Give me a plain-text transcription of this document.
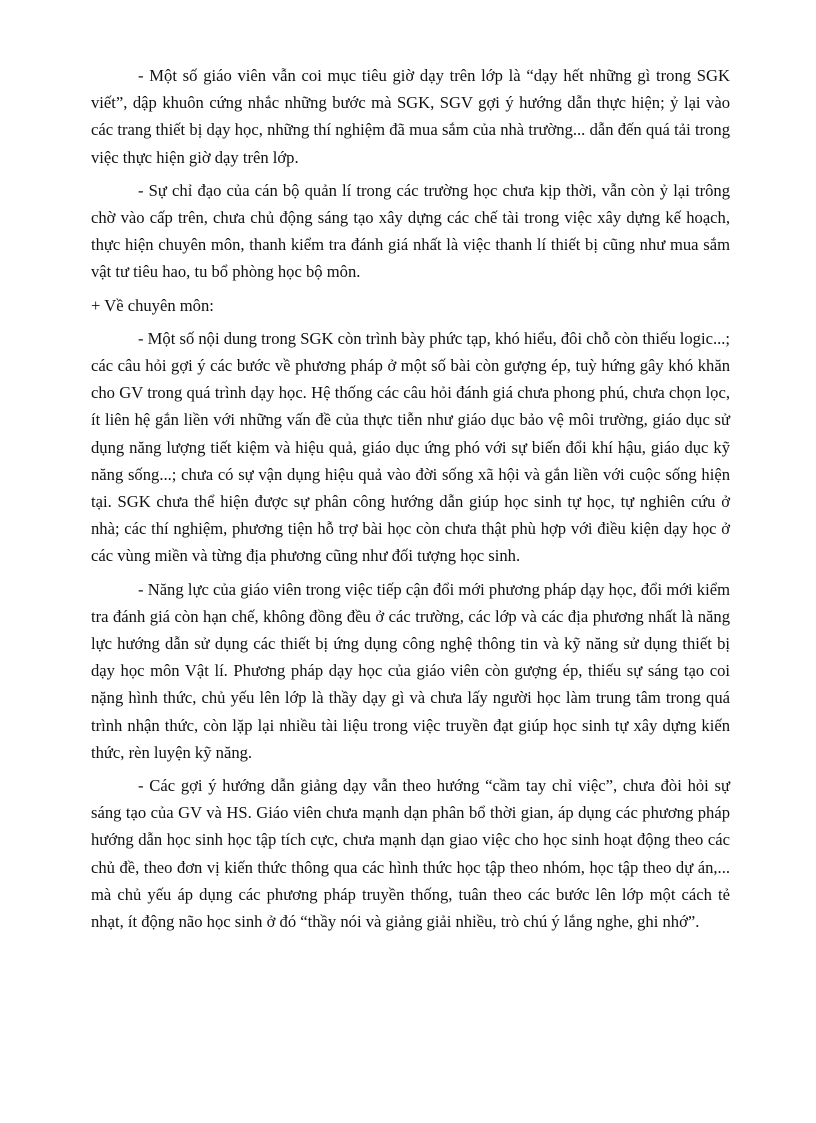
- Một số giáo viên vẫn coi mục tiêu giờ dạy trên lớp là “dạy hết những gì trong SGK viết”, dập khuôn cứng nhắc những bước mà SGK, SGV gợi ý hướng dẫn thực hiện; ỷ lại vào các trang thiết bị dạy học, những thí nghiệm đã mua sắm của nhà trường... dẫn đến quá tải trong việc thực hiện giờ dạy trên lớp.

- Sự chỉ đạo của cán bộ quản lí trong các trường học chưa kịp thời, vẫn còn ỷ lại trông chờ vào cấp trên, chưa chủ động sáng tạo xây dựng các chế tài trong việc xây dựng kế hoạch, thực hiện chuyên môn, thanh kiểm tra đánh giá nhất là việc thanh lí thiết bị cũng như mua sắm vật tư tiêu hao, tu bổ phòng học bộ môn.

+ Về chuyên môn:

- Một số nội dung trong SGK còn trình bày phức tạp, khó hiểu, đôi chỗ còn thiếu logic...; các câu hỏi gợi ý các bước về phương pháp ở một số bài còn gượng ép, tuỳ hứng gây khó khăn cho GV trong quá trình dạy học. Hệ thống các câu hỏi đánh giá chưa phong phú, chưa chọn lọc, ít liên hệ gắn liền với những vấn đề của thực tiễn như giáo dục bảo vệ môi trường, giáo dục sử dụng năng lượng tiết kiệm và hiệu quả, giáo dục ứng phó với sự biến đổi khí hậu, giáo dục kỹ năng sống...; chưa có sự vận dụng hiệu quả vào đời sống xã hội và gắn liền với cuộc sống hiện tại. SGK chưa thể hiện được sự phân công hướng dẫn giúp học sinh tự học, tự nghiên cứu ở nhà; các thí nghiệm, phương tiện hỗ trợ bài học còn chưa thật phù hợp với điều kiện dạy học ở các vùng miền và từng địa phương cũng như đối tượng học sinh.

- Năng lực của giáo viên trong việc tiếp cận đổi mới phương pháp dạy học, đổi mới kiểm tra đánh giá còn hạn chế, không đồng đều ở các trường, các lớp và các địa phương nhất là năng lực hướng dẫn sử dụng các thiết bị ứng dụng công nghệ thông tin và kỹ năng sử dụng thiết bị dạy học môn Vật lí. Phương pháp dạy học của giáo viên còn gượng ép, thiếu sự sáng tạo coi nặng hình thức, chủ yếu lên lớp là thầy dạy gì và chưa lấy người học làm trung tâm trong quá trình nhận thức, còn lặp lại nhiều tài liệu trong việc truyền đạt giúp học sinh tự xây dựng kiến thức, rèn luyện kỹ năng.

- Các gợi ý hướng dẫn giảng dạy vẫn theo hướng “cầm tay chỉ việc”, chưa đòi hỏi sự sáng tạo của GV và HS. Giáo viên chưa mạnh dạn phân bổ thời gian, áp dụng các phương pháp hướng dẫn học sinh học tập tích cực, chưa mạnh dạn giao việc cho học sinh hoạt động theo các chủ đề, theo đơn vị kiến thức thông qua các hình thức học tập theo nhóm, học tập theo dự án,... mà chủ yếu áp dụng các phương pháp truyền thống, tuân theo các bước lên lớp một cách tẻ nhạt, ít động não học sinh ở đó “thầy nói và giảng giải nhiều, trò chú ý lắng nghe, ghi nhớ”.
